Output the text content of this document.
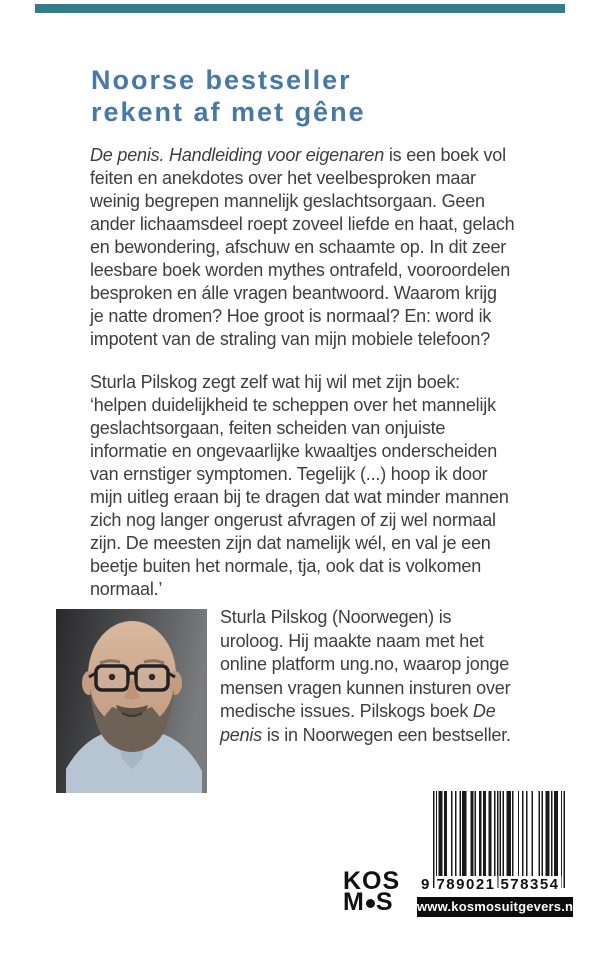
Noorse bestseller
rekent af met gêne
De penis. Handleiding voor eigenaren is een boek vol
feiten en anekdotes over het veelbesproken maar
weinig begrepen mannelijk geslachtsorgaan. Geen
ander lichaamsdeel roept zoveel liefde en haat, gelach
en bewondering, afschuw en schaamte op. In dit zeer
leesbare boek worden mythes ontrafeld, vooroordelen
besproken en álle vragen beantwoord. Waarom krijg
je natte dromen? Hoe groot is normaal? En: word ik
impotent van de straling van mijn mobiele telefoon?
Sturla Pilskog zegt zelf wat hij wil met zijn boek:
‘helpen duidelijkheid te scheppen over het mannelijk
geslachtsorgaan, feiten scheiden van onjuiste
informatie en ongevaarlijke kwaaltjes onderscheiden
van ernstiger symptomen. Tegelijk (...) hoop ik door
mijn uitleg eraan bij te dragen dat wat minder mannen
zich nog langer ongerust afvragen of zij wel normaal
zijn. De meesten zijn dat namelijk wél, en val je een
beetje buiten het normale, tja, ook dat is volkomen
normaal.’
Sturla Pilskog (Noorwegen) is
uroloog. Hij maakte naam met het
online platform ung.no, waarop jonge
mensen vragen kunnen insturen over
medische issues. Pilskogs boek De
penis is in Noorwegen een bestseller.
KOS
M S
9 789021 578354
www.kosmosuitgevers.nl
